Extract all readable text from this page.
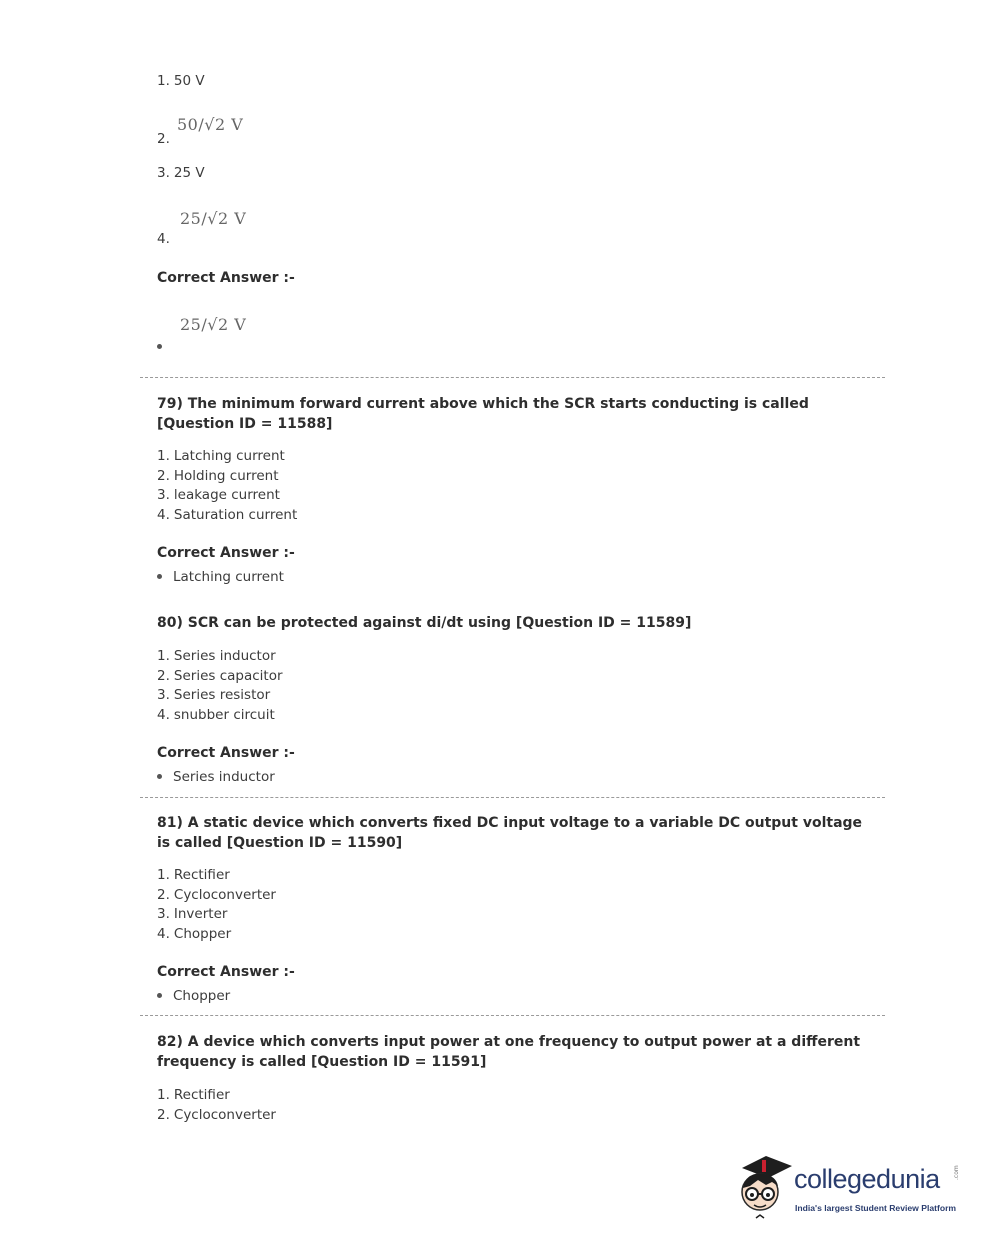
1. 50 V
50/√2 V
2.
3. 25 V
25/√2 V
4.
Correct Answer :-
25/√2 V
79) The minimum forward current above which the SCR starts conducting is called [Question ID = 11588]
1. Latching current
2. Holding current
3. leakage current
4. Saturation current
Correct Answer :-
Latching current
80) SCR can be protected against di/dt using [Question ID = 11589]
1. Series inductor
2. Series capacitor
3. Series resistor
4. snubber circuit
Correct Answer :-
Series inductor
81) A static device which converts fixed DC input voltage to a variable DC output voltage is called [Question ID = 11590]
1. Rectifier
2. Cycloconverter
3. Inverter
4. Chopper
Correct Answer :-
Chopper
82) A device which converts input power at one frequency to output power at a different frequency is called [Question ID = 11591]
1. Rectifier
2. Cycloconverter
collegedunia .com
India's largest Student Review Platform
